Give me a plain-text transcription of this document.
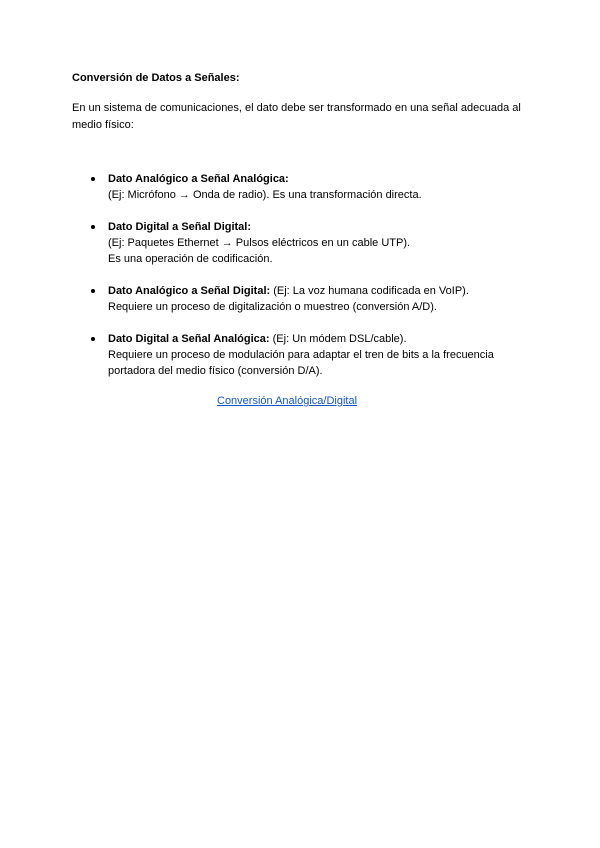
Conversión de Datos a Señales:

En un sistema de comunicaciones, el dato debe ser transformado en una señal adecuada al medio físico:

Dato Analógico a Señal Analógica:
(Ej: Micrófono → Onda de radio). Es una transformación directa.
Dato Digital a Señal Digital:
(Ej: Paquetes Ethernet → Pulsos eléctricos en un cable UTP).
Es una operación de codificación.
Dato Analógico a Señal Digital: (Ej: La voz humana codificada en VoIP).
Requiere un proceso de digitalización o muestreo (conversión A/D).
Dato Digital a Señal Analógica: (Ej: Un módem DSL/cable).
Requiere un proceso de modulación para adaptar el tren de bits a la frecuencia
portadora del medio físico (conversión D/A).
Conversión Analógica/Digital
